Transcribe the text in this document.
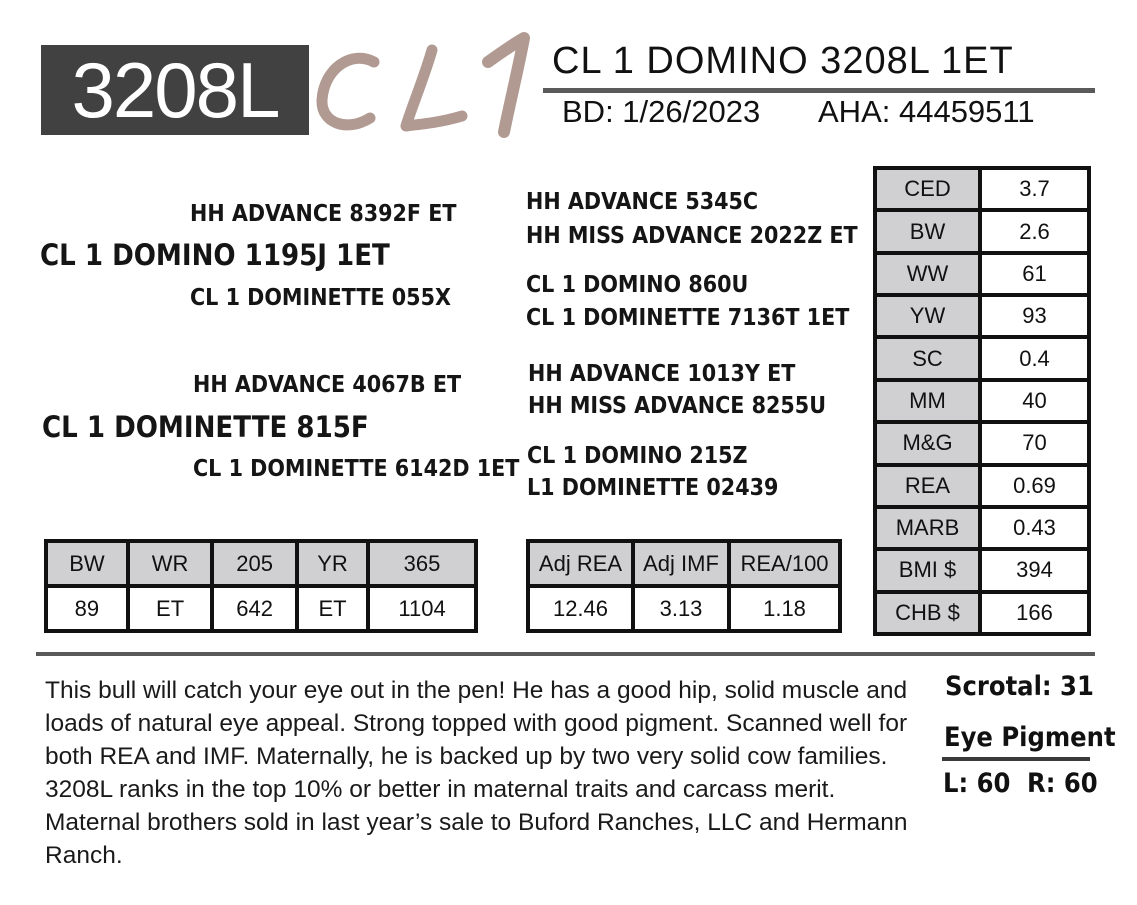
3208L	CL 1 DOMINO 3208L 1ET
BD: 1/26/2023 AHA: 44459511
HH ADVANCE 8392F ET
CL 1 DOMINO 1195J 1ET
CL 1 DOMINETTE 055X
HH ADVANCE 4067B ET
CL 1 DOMINETTE 815F
CL 1 DOMINETTE 6142D 1ET
HH ADVANCE 5345C
HH MISS ADVANCE 2022Z ET
CL 1 DOMINO 860U
CL 1 DOMINETTE 7136T 1ET
HH ADVANCE 1013Y ET
HH MISS ADVANCE 8255U
CL 1 DOMINO 215Z
L1 DOMINETTE 02439
CED	3.7
BW	2.6
WW	61
YW	93
SC	0.4
MM	40
M&G	70
REA	0.69
MARB	0.43
BMI $	394
CHB $	166
BW	WR	205	YR	365
89	ET	642	ET	1104
Adj REA	Adj IMF	REA/100
12.46	3.13	1.18
This bull will catch your eye out in the pen! He has a good hip, solid muscle and loads of natural eye appeal. Strong topped with good pigment. Scanned well for both REA and IMF. Maternally, he is backed up by two very solid cow families. 3208L ranks in the top 10% or better in maternal traits and carcass merit. Maternal brothers sold in last year’s sale to Buford Ranches, LLC and Hermann Ranch.
Scrotal: 31
Eye Pigment
L: 60 R: 60
